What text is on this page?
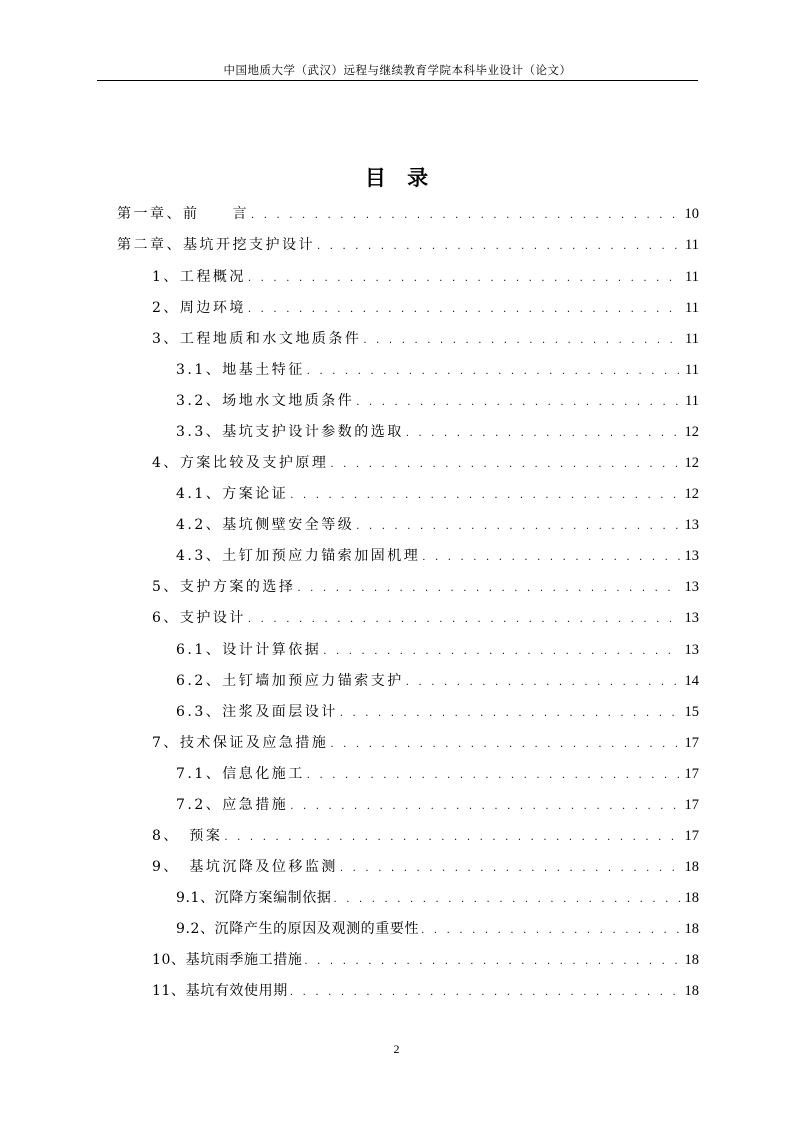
中国地质大学（武汉）远程与继续教育学院本科毕业设计（论文）
目 录
第一章、前　　言 . . .	10
第二章、基坑开挖支护设计 . . .	11
1、工程概况 . . .	11
2、周边环境 . . .	11
3、工程地质和水文地质条件 . . .	11
3.1、地基土特征 . . .	11
3.2、场地水文地质条件 . . .	11
3.3、基坑支护设计参数的选取 . . .	12
4、方案比较及支护原理 . . .	12
4.1、方案论证 . . .	12
4.2、基坑侧壁安全等级 . . .	13
4.3、土钉加预应力锚索加固机理 . . .	13
5、支护方案的选择 . . .	13
6、支护设计 . . .	13
6.1、设计计算依据 . . .	13
6.2、土钉墙加预应力锚索支护 . . .	14
6.3、注浆及面层设计 . . .	15
7、技术保证及应急措施 . . .	17
7.1、信息化施工 . . .	17
7.2、应急措施 . . .	17
8、　预案 . . .	17
9、　基坑沉降及位移监测 . . .	18
9.1、沉降方案编制依据 . . .	18
9.2、沉降产生的原因及观测的重要性 . . .	18
10、基坑雨季施工措施 . . .	18
11、基坑有效使用期 . . .	18
2
